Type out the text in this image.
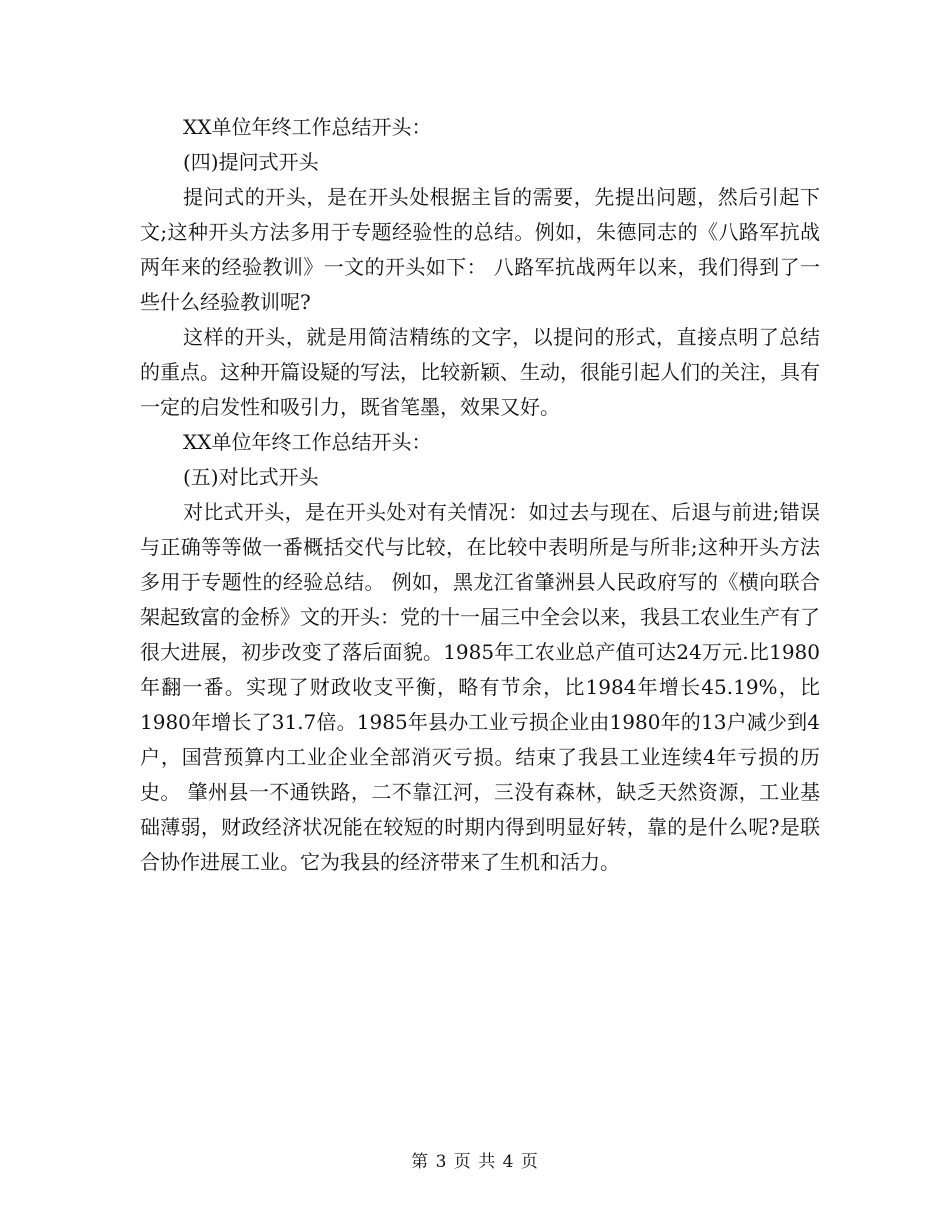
XX单位年终工作总结开头：

(四)提问式开头

提问式的开头，是在开头处根据主旨的需要，先提出问题，然后引起下文;这种开头方法多用于专题经验性的总结。例如，朱德同志的《八路军抗战两年来的经验教训》一文的开头如下： 八路军抗战两年以来，我们得到了一些什么经验教训呢?

这样的开头，就是用简洁精练的文字，以提问的形式，直接点明了总结的重点。这种开篇设疑的写法，比较新颖、生动，很能引起人们的关注，具有一定的启发性和吸引力，既省笔墨，效果又好。

XX单位年终工作总结开头：

(五)对比式开头

对比式开头，是在开头处对有关情况：如过去与现在、后退与前进;错误与正确等等做一番概括交代与比较，在比较中表明所是与所非;这种开头方法多用于专题性的经验总结。 例如，黑龙江省肇洲县人民政府写的《横向联合架起致富的金桥》文的开头：党的十一届三中全会以来，我县工农业生产有了很大进展，初步改变了落后面貌。1985年工农业总产值可达24万元.比1980年翻一番。实现了财政收支平衡，略有节余，比1984年增长45.19%，比1980年增长了31.7倍。1985年县办工业亏损企业由1980年的13户减少到4户，国营预算内工业企业全部消灭亏损。结束了我县工业连续4年亏损的历史。 肇州县一不通铁路，二不靠江河，三没有森林，缺乏天然资源，工业基础薄弱，财政经济状况能在较短的时期内得到明显好转，靠的是什么呢?是联合协作进展工业。它为我县的经济带来了生机和活力。

第 3 页 共 4 页
